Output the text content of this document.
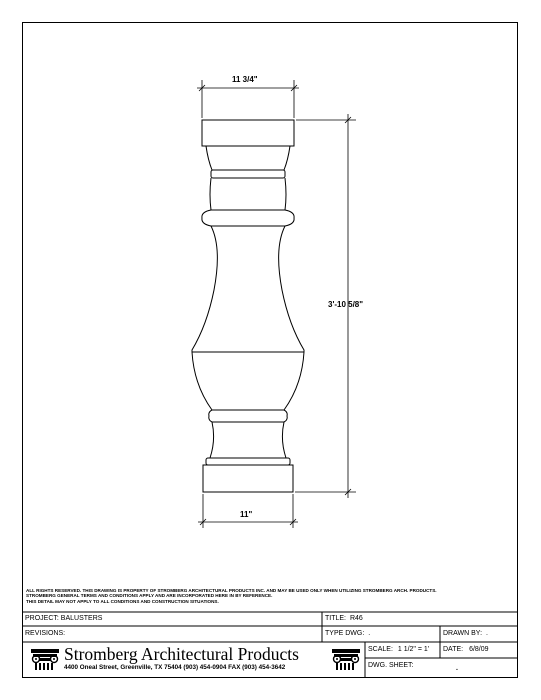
11 3/4"
3'-10 5/8"
11"
ALL RIGHTS RESERVED. THIS DRAWING IS PROPERTY OF STROMBERG ARCHITECTURAL PRODUCTS INC. AND MAY BE USED ONLY WHEN UTILIZING STROMBERG ARCH. PRODUCTS.
STROMBERG GENERAL TERMS AND CONDITIONS APPLY AND ARE INCORPORATED HERE IN BY REFERENCE.
THIS DETAIL MAY NOT APPLY TO ALL CONDITIONS AND CONSTRUCTION SITUATIONS.
PROJECT: BALUSTERS	TITLE: R46
REVISIONS:	TYPE DWG: .	DRAWN BY: .
SCALE: 1 1/2" = 1' DATE: 6/8/09
DWG. SHEET:	.
Stromberg Architectural Products
4400 Oneal Street, Greenville, TX 75404 (903) 454-0904 FAX (903) 454-3642
